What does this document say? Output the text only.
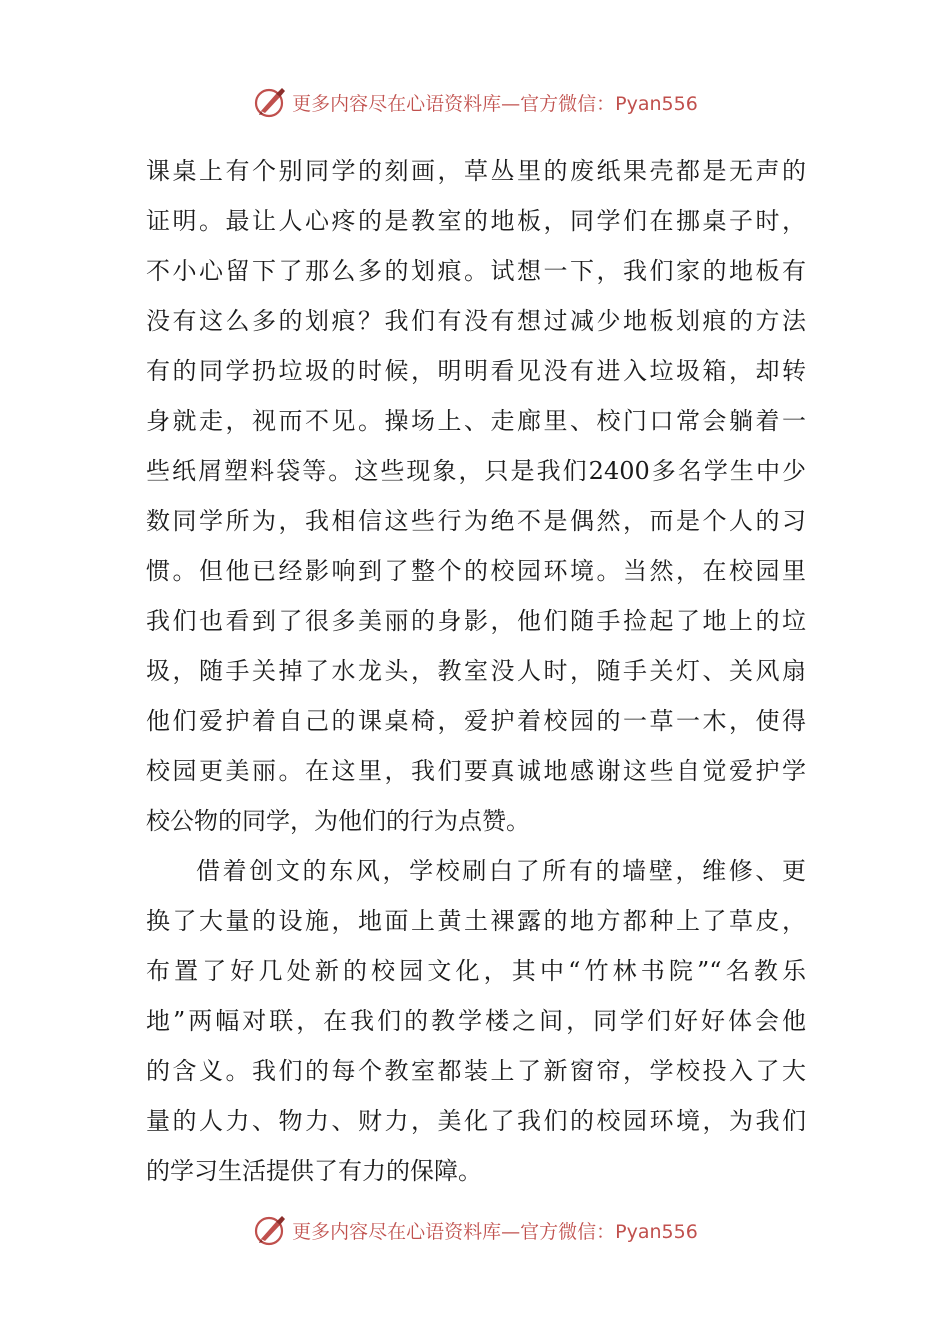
更多内容尽在心语资料库—官方微信：Pyan556
课桌上有个别同学的刻画，草丛里的废纸果壳都是无声的
证明。最让人心疼的是教室的地板，同学们在挪桌子时，
不小心留下了那么多的划痕。试想一下，我们家的地板有
没有这么多的划痕？我们有没有想过减少地板划痕的方法
有的同学扔垃圾的时候，明明看见没有进入垃圾箱，却转
身就走，视而不见。操场上、走廊里、校门口常会躺着一
些纸屑塑料袋等。这些现象，只是我们2400多名学生中少
数同学所为，我相信这些行为绝不是偶然，而是个人的习
惯。但他已经影响到了整个的校园环境。当然，在校园里
我们也看到了很多美丽的身影，他们随手捡起了地上的垃
圾，随手关掉了水龙头，教室没人时，随手关灯、关风扇
他们爱护着自己的课桌椅，爱护着校园的一草一木，使得
校园更美丽。在这里，我们要真诚地感谢这些自觉爱护学
校公物的同学，为他们的行为点赞。
借着创文的东风，学校刷白了所有的墙壁，维修、更
换了大量的设施，地面上黄土裸露的地方都种上了草皮，
布置了好几处新的校园文化，其中“竹林书院”“名教乐
地”两幅对联，在我们的教学楼之间，同学们好好体会他
的含义。我们的每个教室都装上了新窗帘，学校投入了大
量的人力、物力、财力，美化了我们的校园环境，为我们
的学习生活提供了有力的保障。
更多内容尽在心语资料库—官方微信：Pyan556
